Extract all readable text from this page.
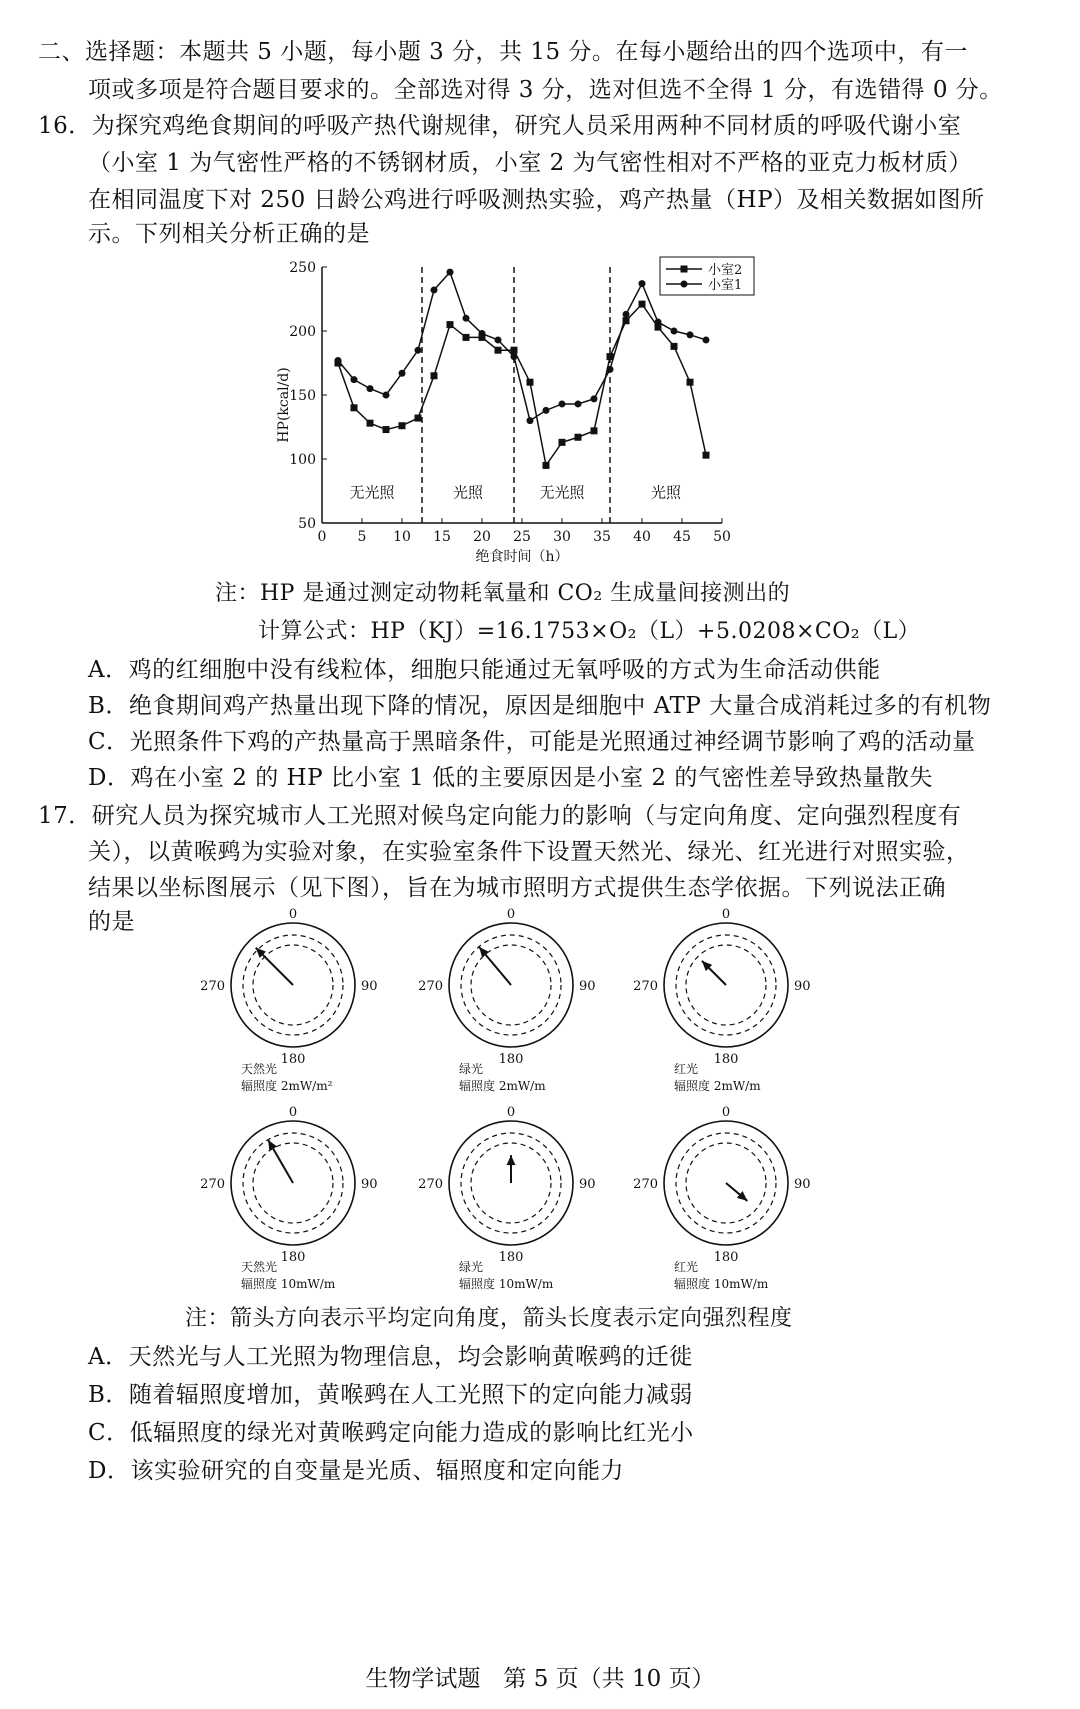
二、选择题：本题共 5 小题，每小题 3 分，共 15 分。在每小题给出的四个选项中，有一
项或多项是符合题目要求的。全部选对得 3 分，选对但选不全得 1 分，有选错得 0 分。
16．为探究鸡绝食期间的呼吸产热代谢规律，研究人员采用两种不同材质的呼吸代谢小室
（小室 1 为气密性严格的不锈钢材质，小室 2 为气密性相对不严格的亚克力板材质）
在相同温度下对 250 日龄公鸡进行呼吸测热实验，鸡产热量（HP）及相关数据如图所
示。下列相关分析正确的是
50
100
150
200
250
0 5 10 15 20 25 30 35 40 45 50
绝食时间（h）
HP(kcal/d)
无光照	光照	无光照	光照
小室2
小室1
注：HP 是通过测定动物耗氧量和 CO₂ 生成量间接测出的
计算公式：HP（KJ）=16.1753×O₂（L）+5.0208×CO₂（L）
A．鸡的红细胞中没有线粒体，细胞只能通过无氧呼吸的方式为生命活动供能
B．绝食期间鸡产热量出现下降的情况，原因是细胞中 ATP 大量合成消耗过多的有机物
C．光照条件下鸡的产热量高于黑暗条件，可能是光照通过神经调节影响了鸡的活动量
D．鸡在小室 2 的 HP 比小室 1 低的主要原因是小室 2 的气密性差导致热量散失
17．研究人员为探究城市人工光照对候鸟定向能力的影响（与定向角度、定向强烈程度有
关），以黄喉鹀为实验对象，在实验室条件下设置天然光、绿光、红光进行对照实验，
结果以坐标图展示（见下图），旨在为城市照明方式提供生态学依据。下列说法正确
的是	0
90
180
270
天然光
辐照度 2mW/m²
0
90
180
270
绿光
辐照度 2mW/m
0
90
180
270
红光
辐照度 2mW/m
0
90
180
270
天然光
辐照度 10mW/m
0
90
180
270
绿光
辐照度 10mW/m
0
90
180
270
红光
辐照度 10mW/m
注：箭头方向表示平均定向角度，箭头长度表示定向强烈程度
A．天然光与人工光照为物理信息，均会影响黄喉鹀的迁徙
B．随着辐照度增加，黄喉鹀在人工光照下的定向能力减弱
C．低辐照度的绿光对黄喉鹀定向能力造成的影响比红光小
D．该实验研究的自变量是光质、辐照度和定向能力
生物学试题　第 5 页（共 10 页）
